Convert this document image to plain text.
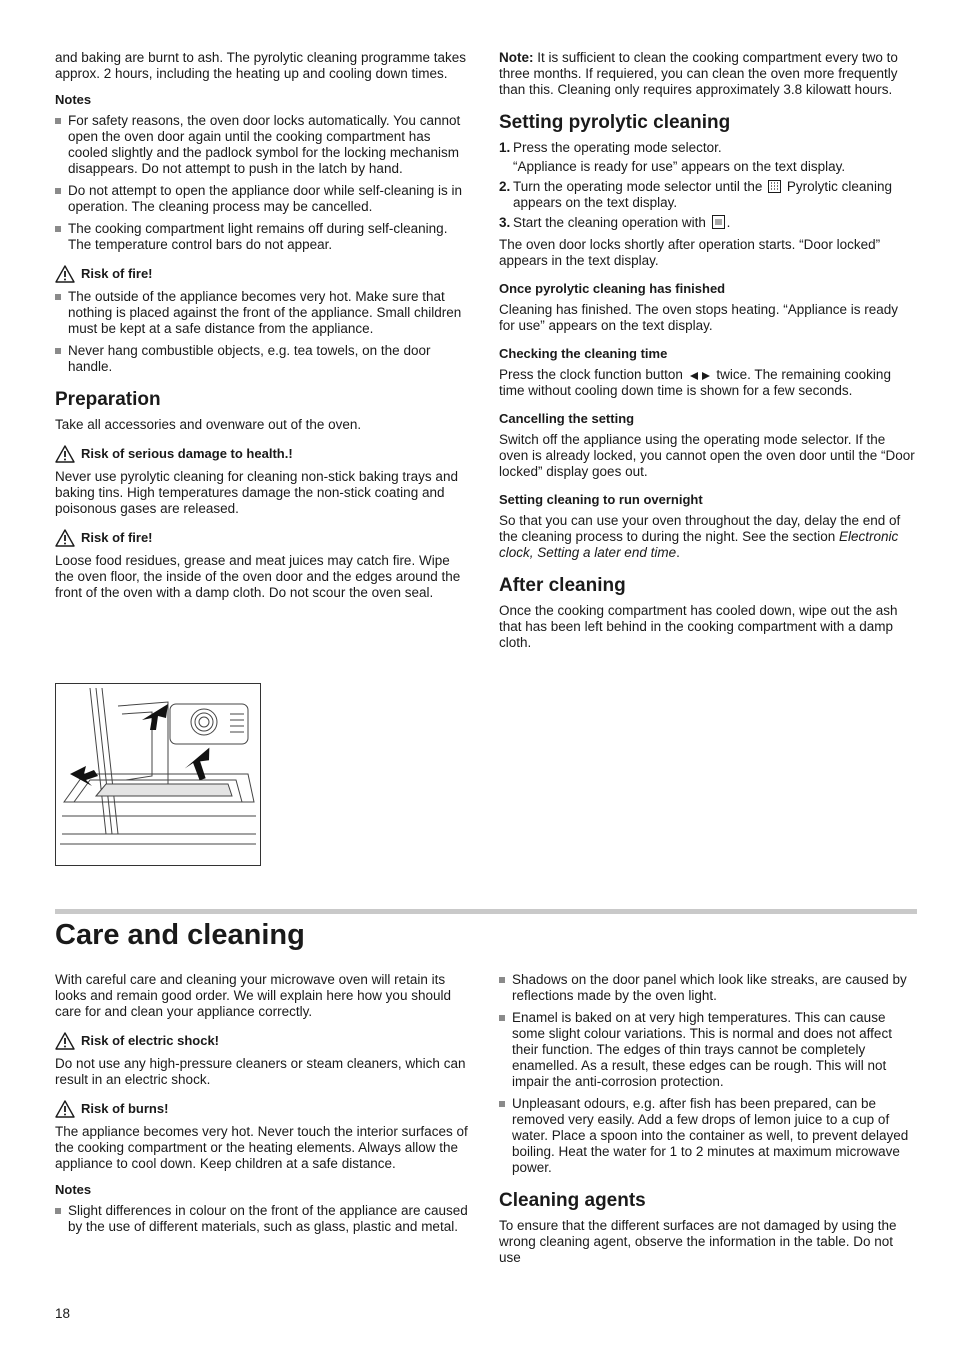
and baking are burnt to ash. The pyrolytic cleaning programme takes approx. 2 hours, including the heating up and cooling down times.

Notes
For safety reasons, the oven door locks automatically. You cannot open the oven door again until the cooking compartment has cooled slightly and the padlock symbol for the locking mechanism disappears. Do not attempt to push in the latch by hand.
Do not attempt to open the appliance door while self-cleaning is in operation. The cleaning process may be cancelled.
The cooking compartment light remains off during self-cleaning. The temperature control bars do not appear.
Risk of fire!
The outside of the appliance becomes very hot. Make sure that nothing is placed against the front of the appliance. Small children must be kept at a safe distance from the appliance.
Never hang combustible objects, e.g. tea towels, on the door handle.
Preparation

Take all accessories and ovenware out of the oven.

Risk of serious damage to health.!

Never use pyrolytic cleaning for cleaning non-stick baking trays and baking tins. High temperatures damage the non-stick coating and poisonous gases are released.

Risk of fire!

Loose food residues, grease and meat juices may catch fire. Wipe the oven floor, the inside of the oven door and the edges around the front of the oven with a damp cloth. Do not scour the oven seal.

Note: It is sufficient to clean the cooking compartment every two to three months. If requiered, you can clean the oven more frequently than this. Cleaning only requires approximately 3.8 kilowatt hours.

Setting pyrolytic cleaning
1. Press the operating mode selector.
“Appliance is ready for use” appears on the text display.
2. Turn the operating mode selector until the  Pyrolytic cleaning appears on the text display.
3. Start the cleaning operation with .

The oven door locks shortly after operation starts. “Door locked” appears in the text display.

Once pyrolytic cleaning has finished

Cleaning has finished. The oven stops heating. “Appliance is ready for use” appears on the text display.

Checking the cleaning time

Press the clock function button  twice. The remaining cooking time without cooling down time is shown for a few seconds.

Cancelling the setting

Switch off the appliance using the operating mode selector. If the oven is already locked, you cannot open the oven door until the “Door locked” display goes out.

Setting cleaning to run overnight

So that you can use your oven throughout the day, delay the end of the cleaning process to during the night. See the section Electronic clock, Setting a later end time.

After cleaning

Once the cooking compartment has cooled down, wipe out the ash that has been left behind in the cooking compartment with a damp cloth.

Care and cleaning

With careful care and cleaning your microwave oven will retain its looks and remain good order. We will explain here how you should care for and clean your appliance correctly.

Risk of electric shock!

Do not use any high-pressure cleaners or steam cleaners, which can result in an electric shock.

Risk of burns!

The appliance becomes very hot. Never touch the interior surfaces of the cooking compartment or the heating elements. Always allow the appliance to cool down. Keep children at a safe distance.

Notes
Slight differences in colour on the front of the appliance are caused by the use of different materials, such as glass, plastic and metal.
Shadows on the door panel which look like streaks, are caused by reflections made by the oven light.
Enamel is baked on at very high temperatures. This can cause some slight colour variations. This is normal and does not affect their function. The edges of thin trays cannot be completely enamelled. As a result, these edges can be rough. This will not impair the anti-corrosion protection.
Unpleasant odours, e.g. after fish has been prepared, can be removed very easily. Add a few drops of lemon juice to a cup of water. Place a spoon into the container as well, to prevent delayed boiling. Heat the water for 1 to 2 minutes at maximum microwave power.
Cleaning agents

To ensure that the different surfaces are not damaged by using the wrong cleaning agent, observe the information in the table. Do not use

18
